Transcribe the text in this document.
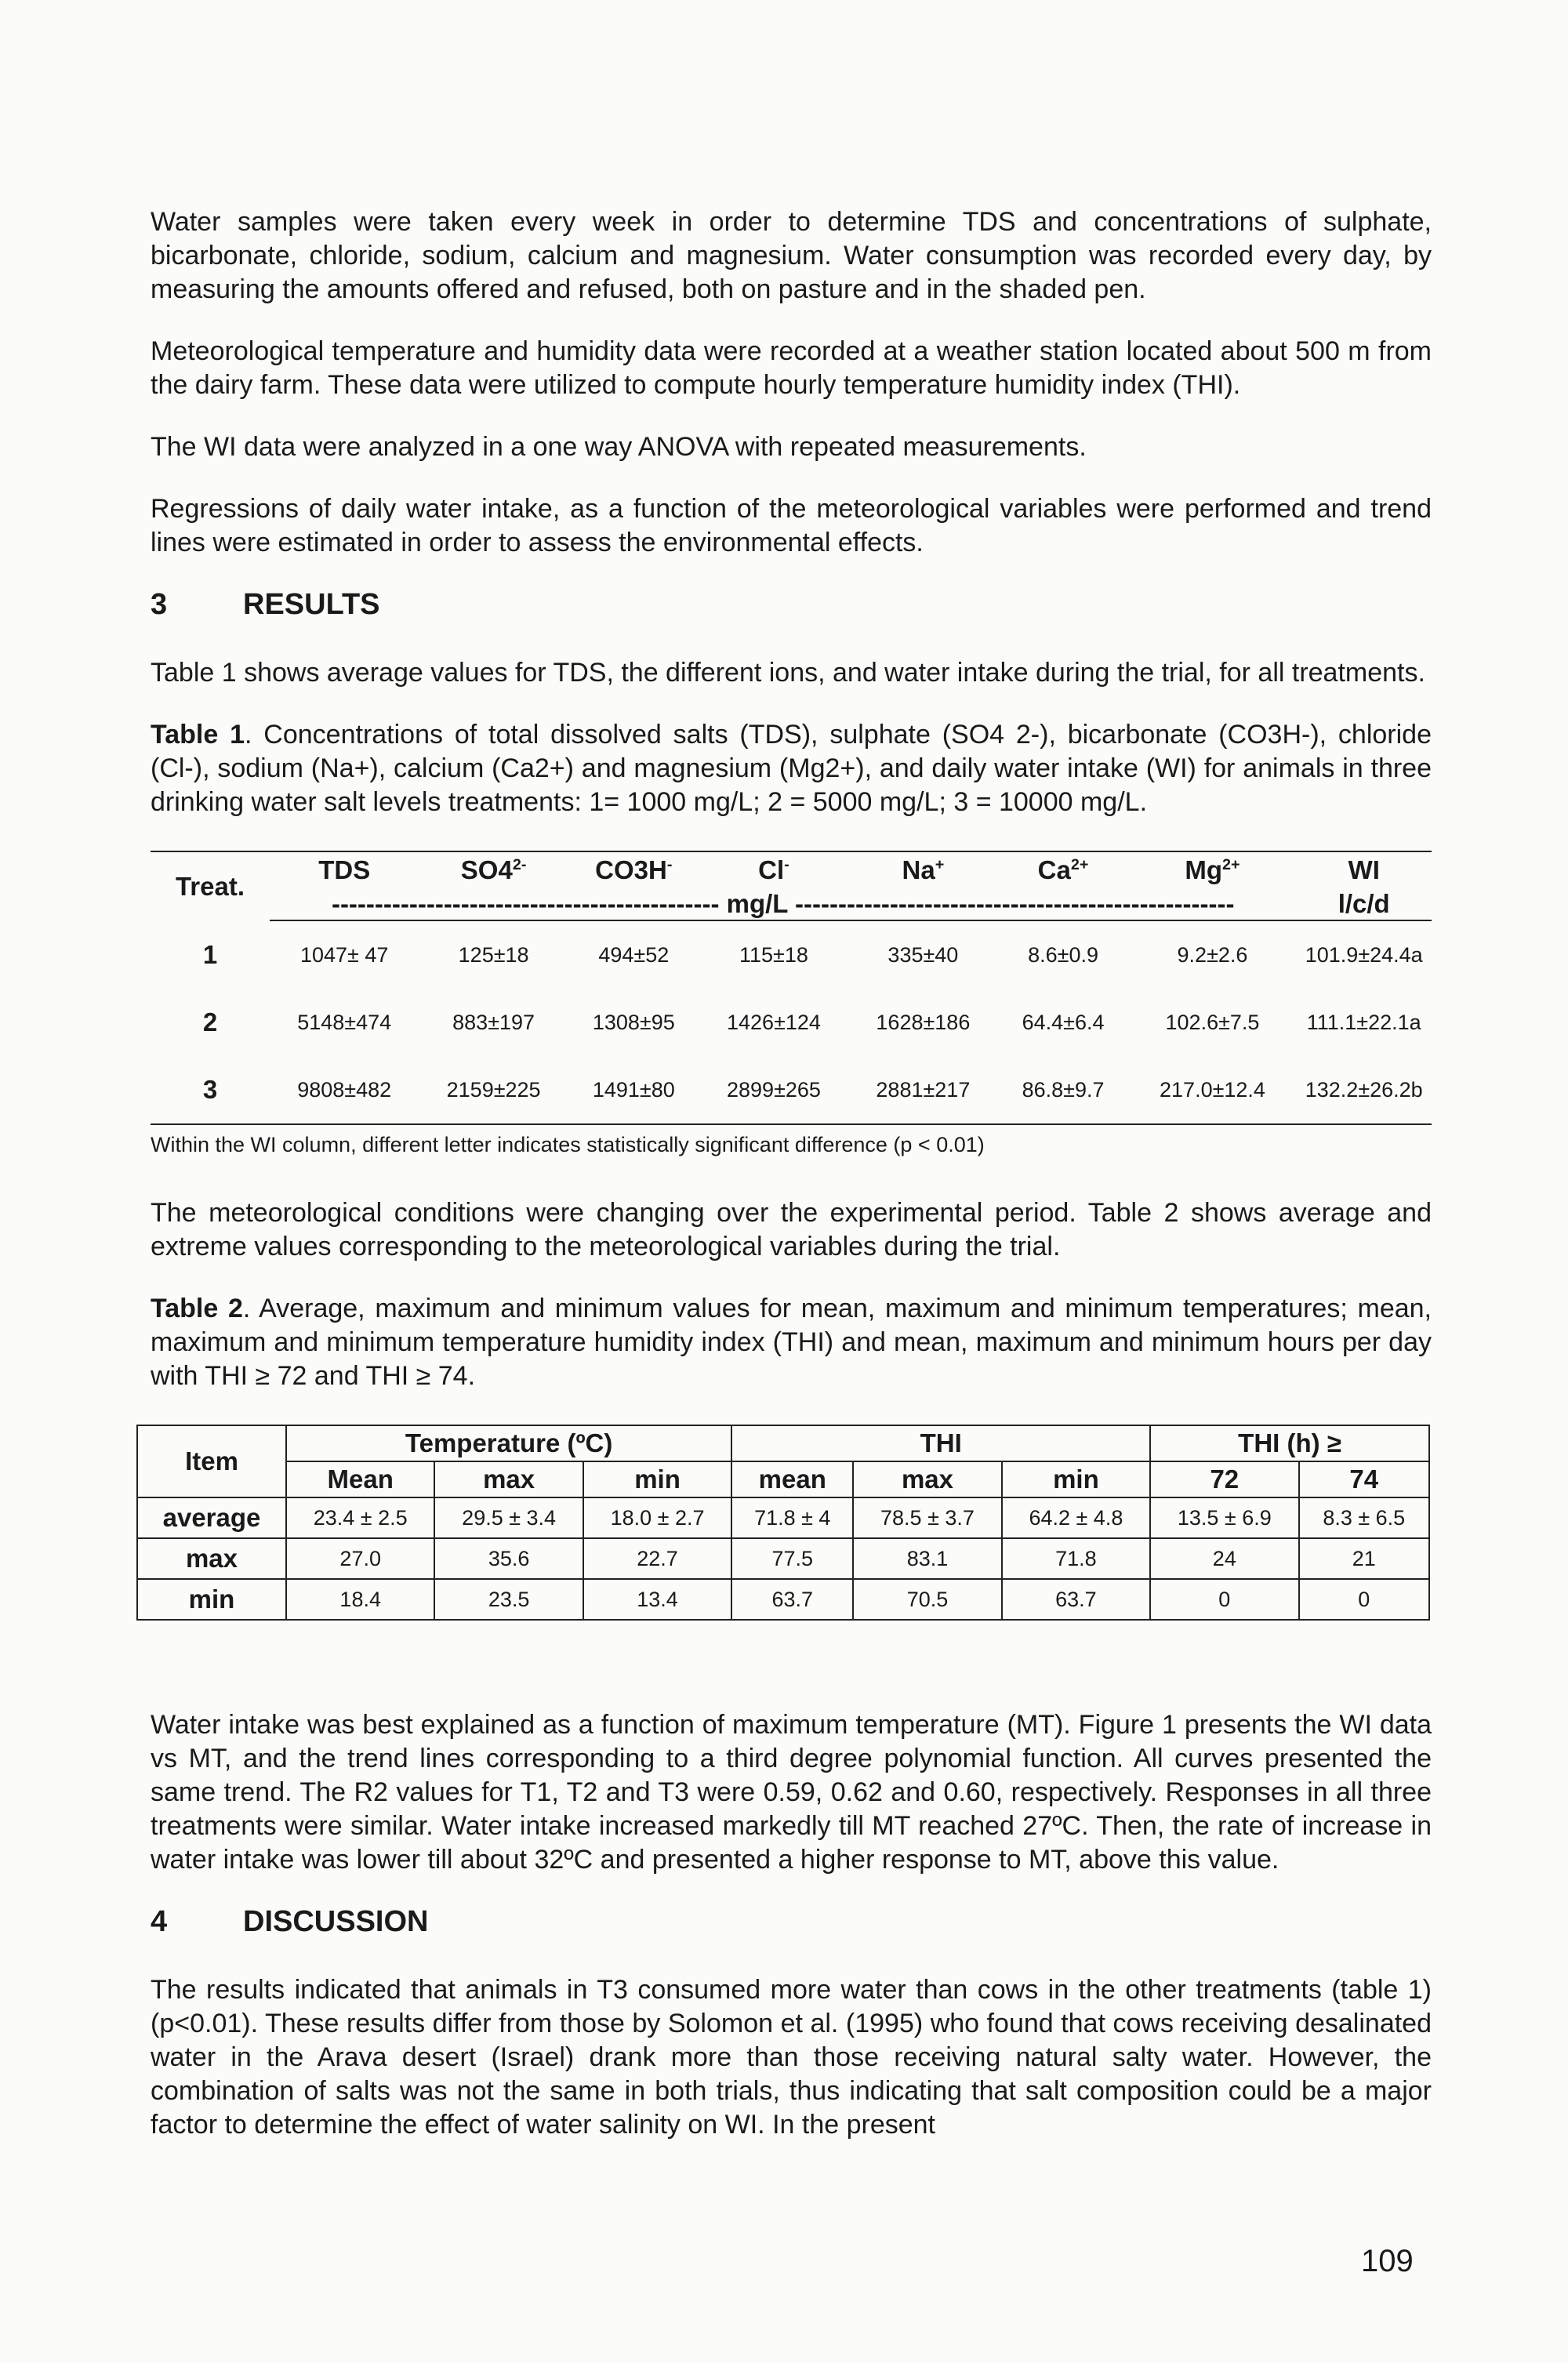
Water samples were taken every week in order to determine TDS and concentrations of sulphate, bicarbonate, chloride, sodium, calcium and magnesium. Water consumption was recorded every day, by measuring the amounts offered and refused, both on pasture and in the shaded pen.

Meteorological temperature and humidity data were recorded at a weather station located about 500 m from the dairy farm. These data were utilized to compute hourly temperature humidity index (THI).

The WI data were analyzed in a one way ANOVA with repeated measurements.

Regressions of daily water intake, as a function of the meteorological variables were performed and trend lines were estimated in order to assess the environmental effects.

3	RESULTS

Table 1 shows average values for TDS, the different ions, and water intake during the trial, for all treatments.

Table 1. Concentrations of total dissolved salts (TDS), sulphate (SO4 2-), bicarbonate (CO3H-), chloride (Cl-), sodium (Na+), calcium (Ca2+) and magnesium (Mg2+), and daily water intake (WI) for animals in three drinking water salt levels treatments: 1= 1000 mg/L; 2 = 5000 mg/L; 3 = 10000 mg/L.
Treat.	TDS	$SO4^{2-}$	CO3H-	Cl-	Na+	$Ca^{2+}$	$Mg^{2+}$	WI

	--------------------------------------------- mg/L ---------------------------------------------------							l/c/d
1	1047± 47	125±18	494±52	115±18	335±40	8.6±0.9	9.2±2.6	101.9±24.4a
2	5148±474	883±197	1308±95	1426±124	1628±186	64.4±6.4	102.6±7.5	111.1±22.1a
3	9808±482	2159±225	1491±80	2899±265	2881±217	86.8±9.7	217.0±12.4	132.2±26.2b
Within the WI column, different letter indicates statistically significant difference (p < 0.01)

The meteorological conditions were changing over the experimental period. Table 2 shows average and extreme values corresponding to the meteorological variables during the trial.

Table 2. Average, maximum and minimum values for mean, maximum and minimum temperatures; mean, maximum and minimum temperature humidity index (THI) and mean, maximum and minimum hours per day with THI ≥ 72 and THI ≥ 74.
Item	Temperature (ºC)			THI			THI (h) ≥	
	Mean	max	min	mean	max	min	72	74
average	23.4 ± 2.5	29.5 ± 3.4	18.0 ± 2.7	71.8 ± 4	78.5 ± 3.7	64.2 ± 4.8	13.5 ± 6.9	8.3 ± 6.5
max	27.0	35.6	22.7	77.5	83.1	71.8	24	21
min	18.4	23.5	13.4	63.7	70.5	63.7	0	0

Water intake was best explained as a function of maximum temperature (MT). Figure 1 presents the WI data vs MT, and the trend lines corresponding to a third degree polynomial function. All curves presented the same trend. The R2 values for T1, T2 and T3 were 0.59, 0.62 and 0.60, respectively. Responses in all three treatments were similar. Water intake increased markedly till MT reached 27ºC. Then, the rate of increase in water intake was lower till about 32ºC and presented a higher response to MT, above this value.

4	DISCUSSION

The results indicated that animals in T3 consumed more water than cows in the other treatments (table 1) (p<0.01). These results differ from those by Solomon et al. (1995) who found that cows receiving desalinated water in the Arava desert (Israel) drank more than those receiving natural salty water. However, the combination of salts was not the same in both trials, thus indicating that salt composition could be a major factor to determine the effect of water salinity on WI. In the present

109
